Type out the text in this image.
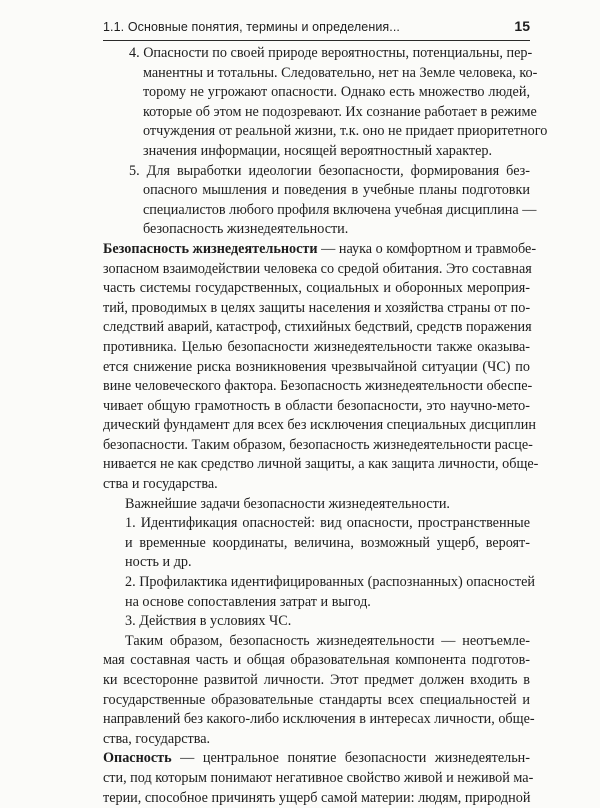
1.1. Основные понятия, термины и определения...	15
4. Опасности по своей природе вероятностны, потенциальны, пер-
манентны и тотальны. Следовательно, нет на Земле человека, ко-
торому не угрожают опасности. Однако есть множество людей,
которые об этом не подозревают. Их сознание работает в режиме
отчуждения от реальной жизни, т.к. оно не придает приоритетного
значения информации, носящей вероятностный характер.
5. Для выработки идеологии безопасности, формирования без-
опасного мышления и поведения в учебные планы подготовки
специалистов любого профиля включена учебная дисциплина —
безопасность жизнедеятельности.
Безопасность жизнедеятельности — наука о комфортном и травмобе-
зопасном взаимодействии человека со средой обитания. Это составная
часть системы государственных, социальных и оборонных мероприя-
тий, проводимых в целях защиты населения и хозяйства страны от по-
следствий аварий, катастроф, стихийных бедствий, средств поражения
противника. Целью безопасности жизнедеятельности также оказыва-
ется снижение риска возникновения чрезвычайной ситуации (ЧС) по
вине человеческого фактора. Безопасность жизнедеятельности обеспе-
чивает общую грамотность в области безопасности, это научно-мето-
дический фундамент для всех без исключения специальных дисциплин
безопасности. Таким образом, безопасность жизнедеятельности расце-
нивается не как средство личной защиты, а как защита личности, обще-
ства и государства.
Важнейшие задачи безопасности жизнедеятельности.
1. Идентификация опасностей: вид опасности, пространственные
и временные координаты, величина, возможный ущерб, вероят-
ность и др.
2. Профилактика идентифицированных (распознанных) опасностей
на основе сопоставления затрат и выгод.
3. Действия в условиях ЧС.
Таким образом, безопасность жизнедеятельности — неотъемле-
мая составная часть и общая образовательная компонента подготов-
ки всесторонне развитой личности. Этот предмет должен входить в
государственные образовательные стандарты всех специальностей и
направлений без какого-либо исключения в интересах личности, обще-
ства, государства.
Опасность — центральное понятие безопасности жизнедеятельн-
сти, под которым понимают негативное свойство живой и неживой ма-
терии, способное причинять ущерб самой материи: людям, природной
